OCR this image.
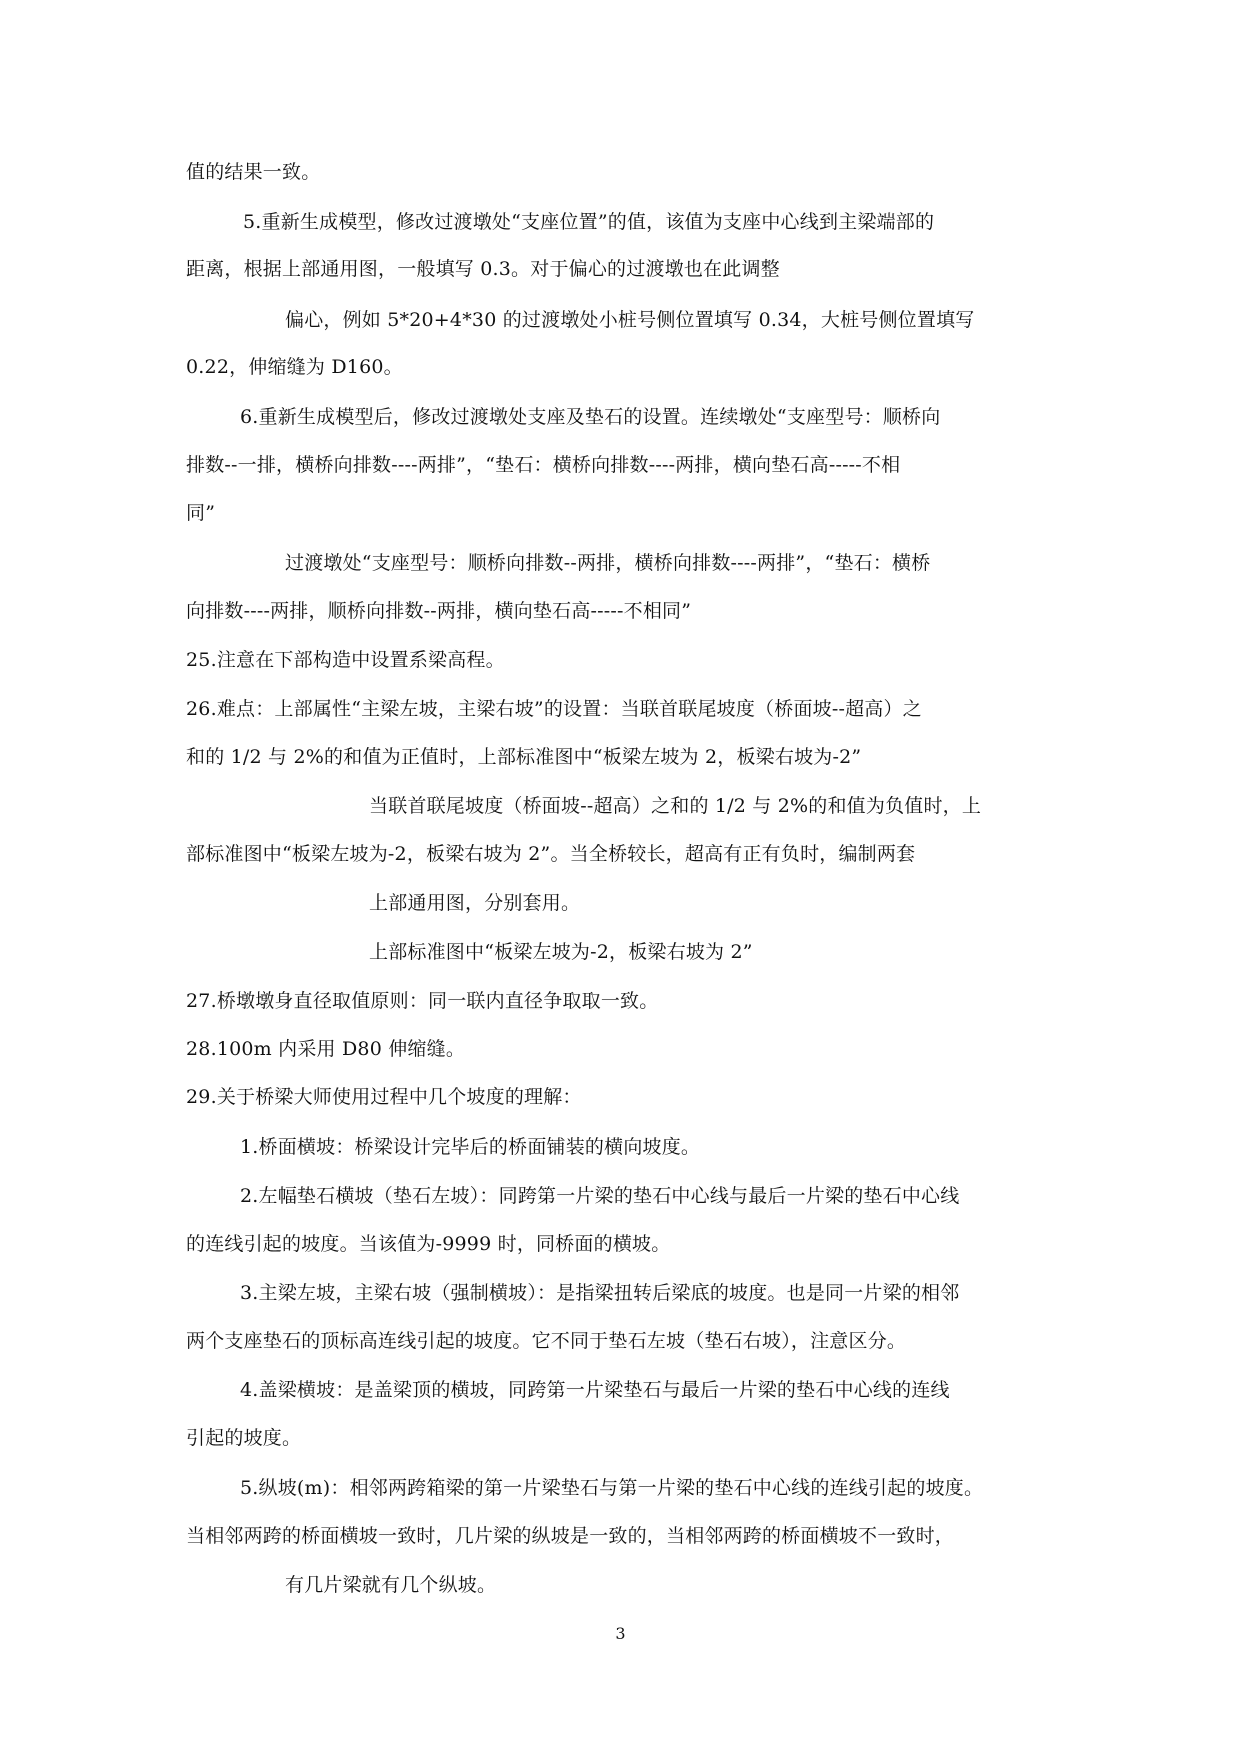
值的结果一致。
5.重新生成模型，修改过渡墩处“支座位置”的值，该值为支座中心线到主梁端部的
距离，根据上部通用图，一般填写 0.3。对于偏心的过渡墩也在此调整
偏心，例如 5*20+4*30 的过渡墩处小桩号侧位置填写 0.34，大桩号侧位置填写
0.22，伸缩缝为 D160。
6.重新生成模型后，修改过渡墩处支座及垫石的设置。连续墩处“支座型号：顺桥向
排数--一排，横桥向排数----两排”，“垫石：横桥向排数----两排，横向垫石高-----不相
同”
过渡墩处“支座型号：顺桥向排数--两排，横桥向排数----两排”，“垫石：横桥
向排数----两排，顺桥向排数--两排，横向垫石高-----不相同”
25.注意在下部构造中设置系梁高程。
26.难点：上部属性“主梁左坡，主梁右坡”的设置：当联首联尾坡度（桥面坡--超高）之
和的 1/2 与 2%的和值为正值时，上部标准图中“板梁左坡为 2，板梁右坡为-2”
当联首联尾坡度（桥面坡--超高）之和的 1/2 与 2%的和值为负值时，上
部标准图中“板梁左坡为-2，板梁右坡为 2”。当全桥较长，超高有正有负时，编制两套
上部通用图，分别套用。
上部标准图中“板梁左坡为-2，板梁右坡为 2”
27.桥墩墩身直径取值原则：同一联内直径争取取一致。
28.100m 内采用 D80 伸缩缝。
29.关于桥梁大师使用过程中几个坡度的理解：
1.桥面横坡：桥梁设计完毕后的桥面铺装的横向坡度。
2.左幅垫石横坡（垫石左坡）：同跨第一片梁的垫石中心线与最后一片梁的垫石中心线
的连线引起的坡度。当该值为-9999 时，同桥面的横坡。
3.主梁左坡，主梁右坡（强制横坡）：是指梁扭转后梁底的坡度。也是同一片梁的相邻
两个支座垫石的顶标高连线引起的坡度。它不同于垫石左坡（垫石右坡），注意区分。
4.盖梁横坡：是盖梁顶的横坡，同跨第一片梁垫石与最后一片梁的垫石中心线的连线
引起的坡度。
5.纵坡(m)：相邻两跨箱梁的第一片梁垫石与第一片梁的垫石中心线的连线引起的坡度。
当相邻两跨的桥面横坡一致时，几片梁的纵坡是一致的，当相邻两跨的桥面横坡不一致时，
有几片梁就有几个纵坡。
3
